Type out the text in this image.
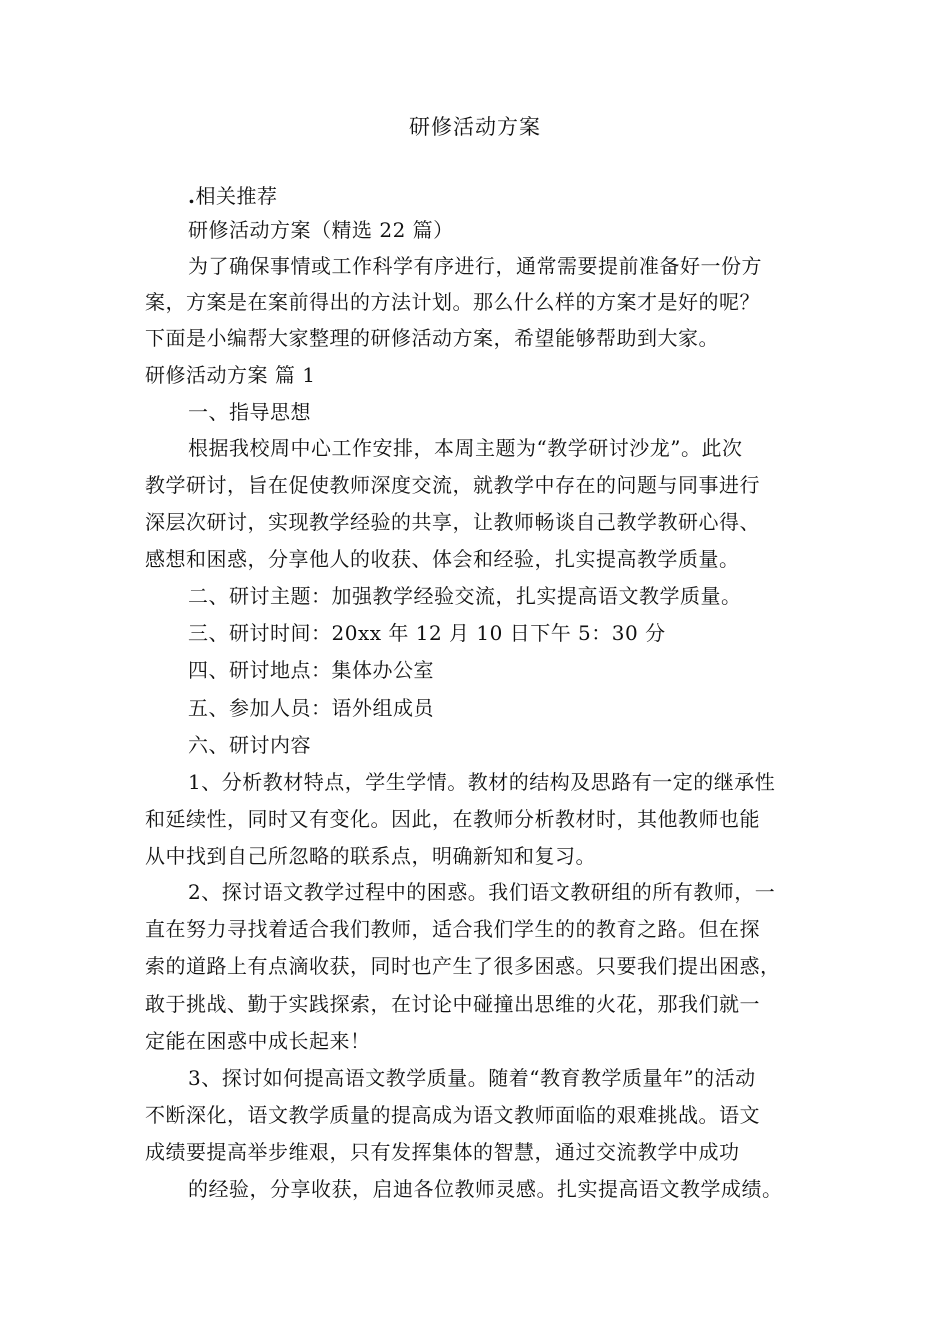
研修活动方案
.相关推荐
研修活动方案（精选 22 篇）
为了确保事情或工作科学有序进行，通常需要提前准备好一份方
案，方案是在案前得出的方法计划。那么什么样的方案才是好的呢？
下面是小编帮大家整理的研修活动方案，希望能够帮助到大家。
研修活动方案 篇 1
一、指导思想
根据我校周中心工作安排，本周主题为“教学研讨沙龙”。此次
教学研讨，旨在促使教师深度交流，就教学中存在的问题与同事进行
深层次研讨，实现教学经验的共享，让教师畅谈自己教学教研心得、
感想和困惑，分享他人的收获、体会和经验，扎实提高教学质量。
二、研讨主题：加强教学经验交流，扎实提高语文教学质量。
三、研讨时间：20xx 年 12 月 10 日下午 5：30 分
四、研讨地点：集体办公室
五、参加人员：语外组成员
六、研讨内容
1、分析教材特点，学生学情。教材的结构及思路有一定的继承性
和延续性，同时又有变化。因此，在教师分析教材时，其他教师也能
从中找到自己所忽略的联系点，明确新知和复习。
2、探讨语文教学过程中的困惑。我们语文教研组的所有教师，一
直在努力寻找着适合我们教师，适合我们学生的的教育之路。但在探
索的道路上有点滴收获，同时也产生了很多困惑。只要我们提出困惑，
敢于挑战、勤于实践探索，在讨论中碰撞出思维的火花，那我们就一
定能在困惑中成长起来！
3、探讨如何提高语文教学质量。随着“教育教学质量年”的活动
不断深化，语文教学质量的提高成为语文教师面临的艰难挑战。语文
成绩要提高举步维艰，只有发挥集体的智慧，通过交流教学中成功
的经验，分享收获，启迪各位教师灵感。扎实提高语文教学成绩。
